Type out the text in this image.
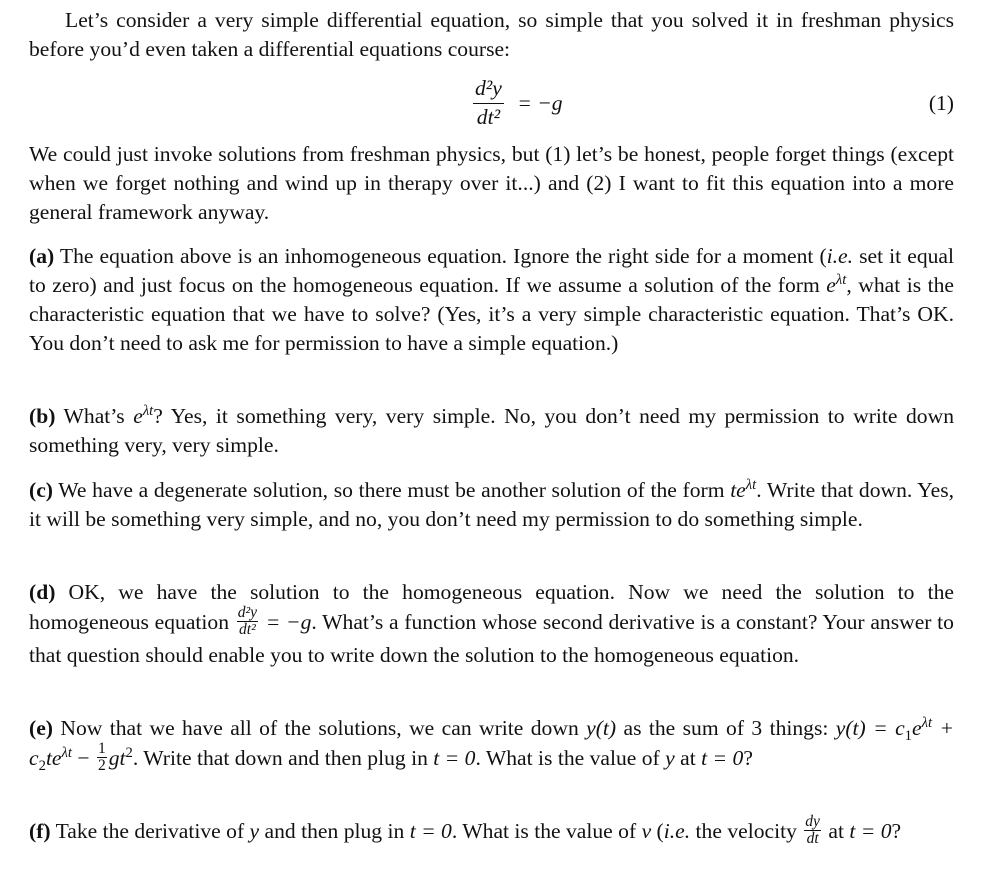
Let’s consider a very simple differential equation, so simple that you solved it in freshman physics before you’d even taken a differential equations course:

$\frac{\text{d²y}}{\text{dt²}} = -g$	(1)

We could just invoke solutions from freshman physics, but (1) let’s be honest, people forget things (except when we forget nothing and wind up in therapy over it...) and (2) I want to fit this equation into a more general framework anyway.

(a) The equation above is an inhomogeneous equation. Ignore the right side for a moment (i.e. set it equal to zero) and just focus on the homogeneous equation. If we assume a solution of the form $e^{\lambda t}$, what is the characteristic equation that we have to solve? (Yes, it’s a very simple characteristic equation. That’s OK. You don’t need to ask me for permission to have a simple equation.)

(b) What’s $e^{\lambda t}$? Yes, it something very, very simple. No, you don’t need my permission to write down something very, very simple.

(c) We have a degenerate solution, so there must be another solution of the form $te^{\lambda t}$. Write that down. Yes, it will be something very simple, and no, you don’t need my permission to do something simple.

(d) OK, we have the solution to the homogeneous equation. Now we need the solution to the homogeneous equation $\frac{\text{d²y}}{\text{dt²}} = -g$. What’s a function whose second derivative is a constant? Your answer to that question should enable you to write down the solution to the homogeneous equation.

(e) Now that we have all of the solutions, we can write down y(t) as the sum of 3 things: $y(t) = c_1e^{\lambda t} + c_2te^{\lambda t} - \frac{1}{2} gt^2$. Write that down and then plug in t = 0. What is the value of y at t = 0?

(f) Take the derivative of y and then plug in t = 0. What is the value of v (i.e. the velocity $\frac{dy}{dt}$ at t = 0?
